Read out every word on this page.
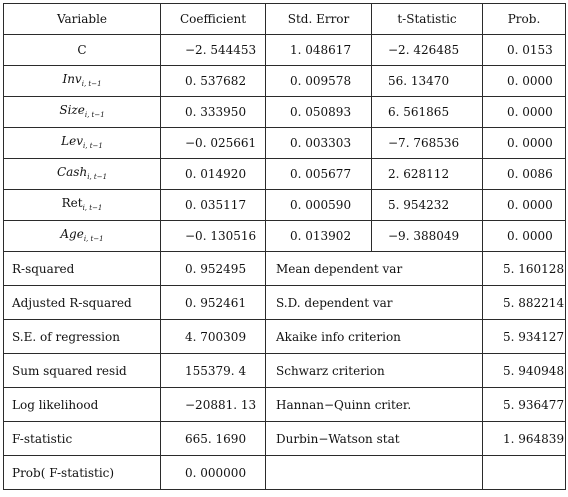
Variable	Coefficient	Std. Error	t-Statistic	Prob.
C	−2. 544453	1. 048617	−2. 426485	0. 0153
Inv$_{i, t-1}$	0. 537682	0. 009578	56. 13470	0. 0000
Size$_{i, t-1}$	0. 333950	0. 050893	6. 561865	0. 0000
Lev$_{i, t-1}$	−0. 025661	0. 003303	−7. 768536	0. 0000
Cash$_{i, t-1}$	0. 014920	0. 005677	2. 628112	0. 0086
Ret$_{i, t-1}$	0. 035117	0. 000590	5. 954232	0. 0000
Age$_{i, t-1}$	−0. 130516	0. 013902	−9. 388049	0. 0000
R-squared	0. 952495	Mean dependent var		5. 160128
Adjusted R-squared	0. 952461	S.D. dependent var		5. 882214
S.E. of regression	4. 700309	Akaike info criterion		5. 934127
Sum squared resid	155379. 4	Schwarz criterion		5. 940948
Log likelihood	−20881. 13	Hannan−Quinn criter.		5. 936477
F-statistic	665. 1690	Durbin−Watson stat		1. 964839
Prob( F-statistic)	0. 000000			
